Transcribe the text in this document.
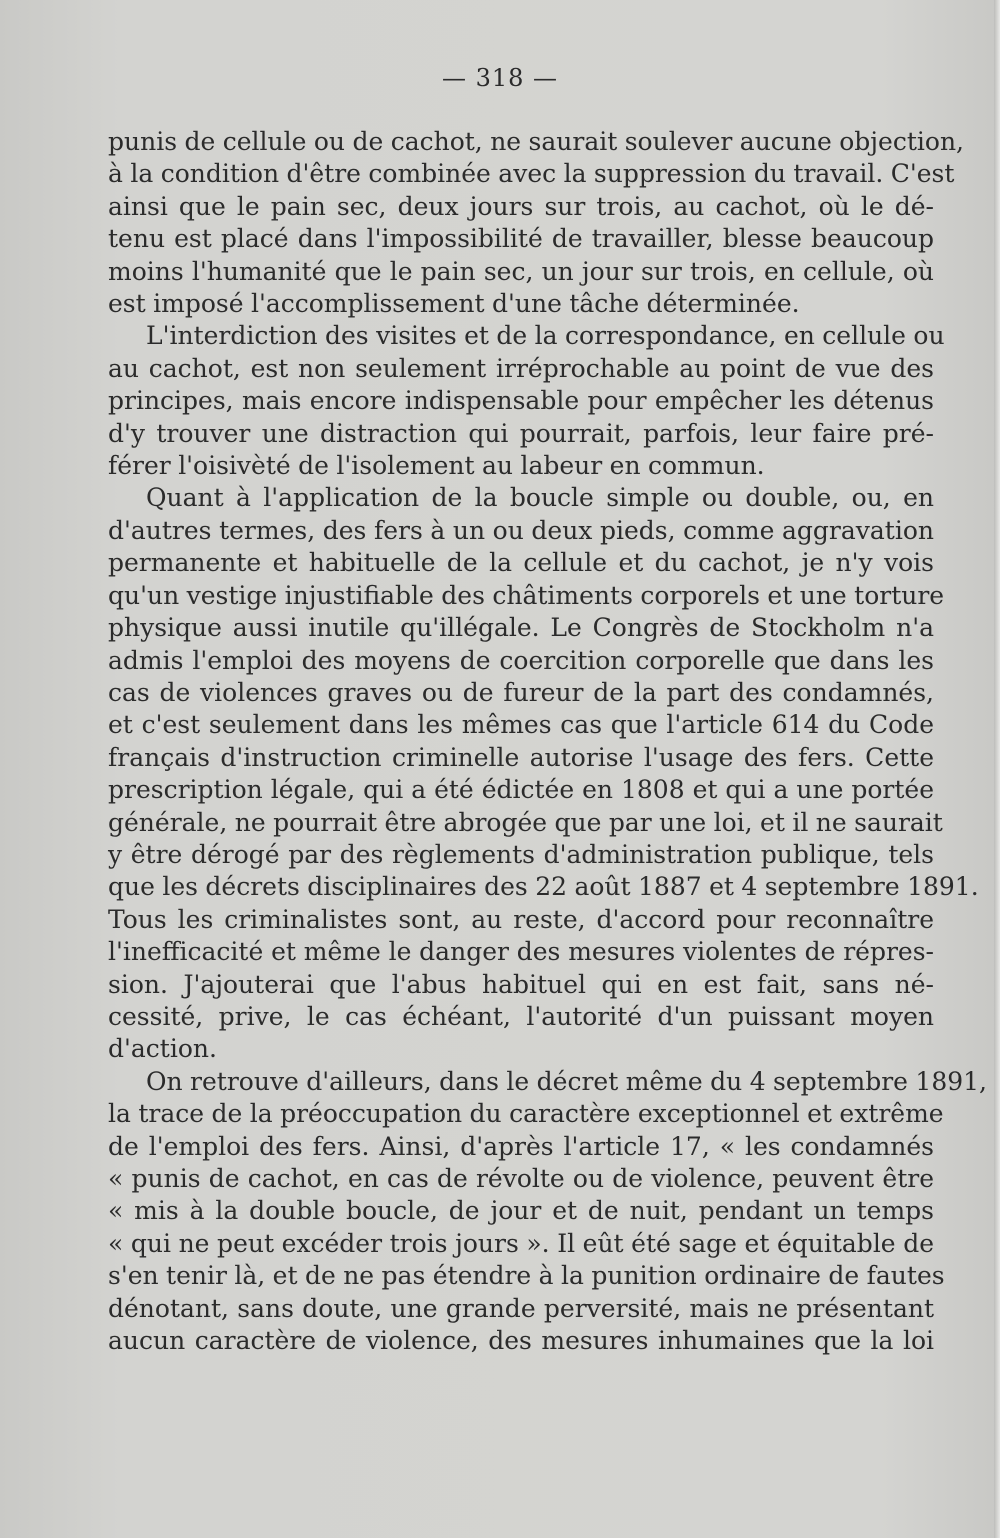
— 318 —

punis de cellule ou de cachot, ne saurait soulever aucune objection,
à la condition d'être combinée avec la suppression du travail. C'est
ainsi que le pain sec, deux jours sur trois, au cachot, où le dé-
tenu est placé dans l'impossibilité de travailler, blesse beaucoup
moins l'humanité que le pain sec, un jour sur trois, en cellule, où
est imposé l'accomplissement d'une tâche déterminée.

L'interdiction des visites et de la correspondance, en cellule ou
au cachot, est non seulement irréprochable au point de vue des
principes, mais encore indispensable pour empêcher les détenus
d'y trouver une distraction qui pourrait, parfois, leur faire pré-
férer l'oisivèté de l'isolement au labeur en commun.

Quant à l'application de la boucle simple ou double, ou, en
d'autres termes, des fers à un ou deux pieds, comme aggravation
permanente et habituelle de la cellule et du cachot, je n'y vois
qu'un vestige injustifiable des châtiments corporels et une torture
physique aussi inutile qu'illégale. Le Congrès de Stockholm n'a
admis l'emploi des moyens de coercition corporelle que dans les
cas de violences graves ou de fureur de la part des condamnés,
et c'est seulement dans les mêmes cas que l'article 614 du Code
français d'instruction criminelle autorise l'usage des fers. Cette
prescription légale, qui a été édictée en 1808 et qui a une portée
générale, ne pourrait être abrogée que par une loi, et il ne saurait
y être dérogé par des règlements d'administration publique, tels
que les décrets disciplinaires des 22 août 1887 et 4 septembre 1891.
Tous les criminalistes sont, au reste, d'accord pour reconnaître
l'inefficacité et même le danger des mesures violentes de répres-
sion. J'ajouterai que l'abus habituel qui en est fait, sans né-
cessité, prive, le cas échéant, l'autorité d'un puissant moyen
d'action.

On retrouve d'ailleurs, dans le décret même du 4 septembre 1891,
la trace de la préoccupation du caractère exceptionnel et extrême
de l'emploi des fers. Ainsi, d'après l'article 17, « les condamnés
« punis de cachot, en cas de révolte ou de violence, peuvent être
« mis à la double boucle, de jour et de nuit, pendant un temps
« qui ne peut excéder trois jours ». Il eût été sage et équitable de
s'en tenir là, et de ne pas étendre à la punition ordinaire de fautes
dénotant, sans doute, une grande perversité, mais ne présentant
aucun caractère de violence, des mesures inhumaines que la loi
